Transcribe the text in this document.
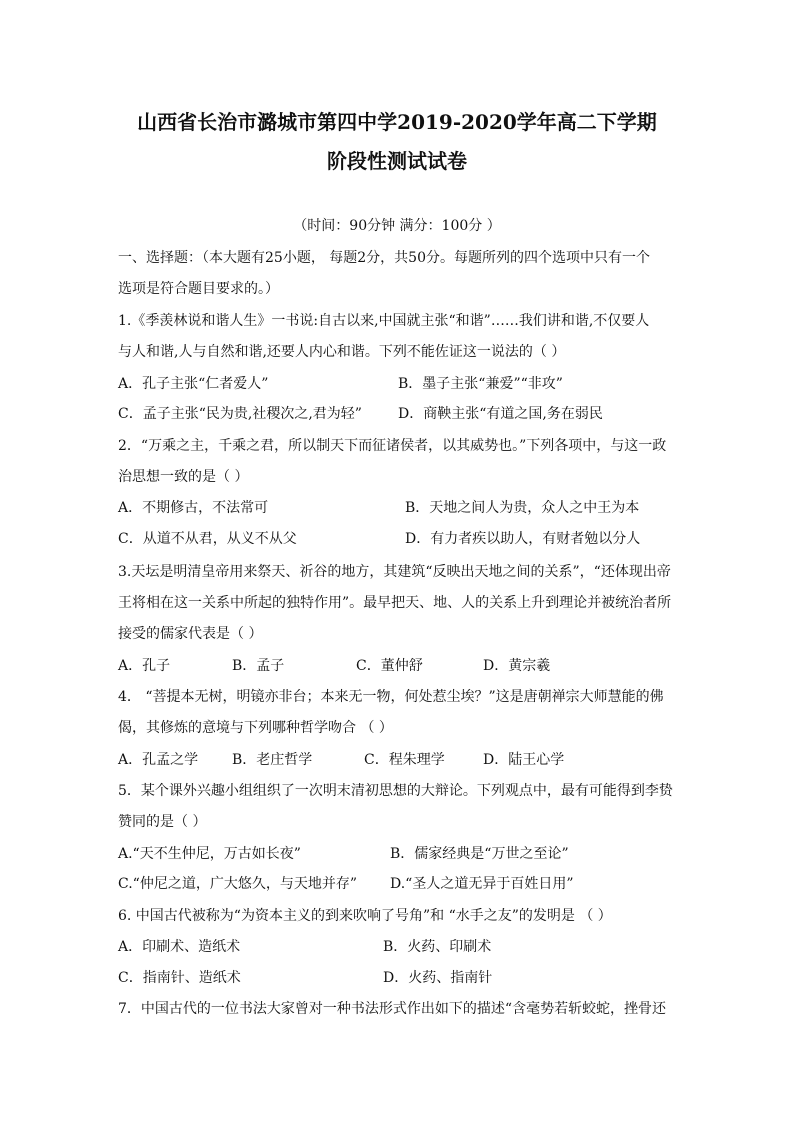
山西省长治市潞城市第四中学2019-2020学年高二下学期
阶段性测试试卷
（时间：90分钟 满分：100分 ）
一、选择题：（本大题有25小题， 每题2分，共50分。每题所列的四个选项中只有一个
选项是符合题目要求的。）
1.《季羡林说和谐人生》一书说:自古以来,中国就主张“和谐”……我们讲和谐,不仅要人
与人和谐,人与自然和谐,还要人内心和谐。下列不能佐证这一说法的（ ）
A．孔子主张“仁者爱人”	B．墨子主张“兼爱”“非攻”
C．孟子主张“民为贵,社稷次之,君为轻”	D．商鞅主张“有道之国,务在弱民
2．“万乘之主，千乘之君，所以制天下而征诸侯者，以其威势也。”下列各项中，与这一政
治思想一致的是（ ）
A．不期修古，不法常可	B．天地之间人为贵，众人之中王为本
C．从道不从君，从义不从父	D．有力者疾以助人，有财者勉以分人
3.天坛是明清皇帝用来祭天、祈谷的地方，其建筑“反映出天地之间的关系”，“还体现出帝
王将相在这一关系中所起的独特作用”。最早把天、地、人的关系上升到理论并被统治者所
接受的儒家代表是（ ）
A．孔子	B．孟子	C．董仲舒	D．黄宗羲
4． “菩提本无树，明镜亦非台；本来无一物，何处惹尘埃？”这是唐朝禅宗大师慧能的佛
偈，其修炼的意境与下列哪种哲学吻合 （ ）
A．孔孟之学 B．老庄哲学	C．程朱理学	D．陆王心学
5．某个课外兴趣小组组织了一次明末清初思想的大辩论。下列观点中，最有可能得到李贽
赞同的是（ ）
A.“天不生仲尼，万古如长夜”	B．儒家经典是“万世之至论”
C.“仲尼之道，广大悠久，与天地并存” D.“圣人之道无异于百姓日用”
6. 中国古代被称为“为资本主义的到来吹响了号角”和 “水手之友”的发明是 （ ）
A．印刷术、造纸术	B．火药、印刷术
C．指南针、造纸术	D．火药、指南针
7．中国古代的一位书法大家曾对一种书法形式作出如下的描述“含毫势若斩蛟蛇，挫骨还
